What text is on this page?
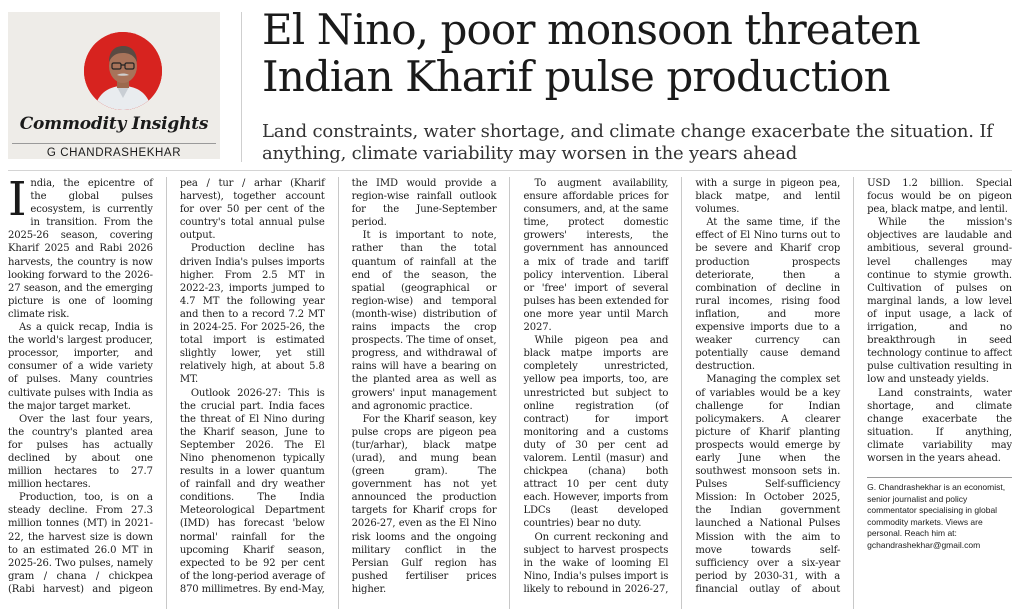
Commodity Insights
G CHANDRASHEKHAR
El Nino, poor monsoon threaten Indian Kharif pulse production

Land constraints, water shortage, and climate change exacerbate the situation. If anything, climate variability may worsen in the years ahead

India, the epicentre of the global pulses ecosystem, is currently in transition. From the 2025-26 season, covering Kharif 2025 and Rabi 2026 harvests, the country is now looking forward to the 2026-27 season, and the emerging picture is one of looming climate risk.

As a quick recap, India is the world's largest producer, processor, importer, and consumer of a wide variety of pulses. Many countries cultivate pulses with India as the major target market.

Over the last four years, the country's planted area for pulses has actually declined by about one million hectares to 27.7 million hectares.

Production, too, is on a steady decline. From 27.3 million tonnes (MT) in 2021-22, the harvest size is down to an estimated 26.0 MT in 2025-26. Two pulses, namely gram / chana / chickpea (Rabi harvest) and pigeon pea / tur / arhar (Kharif harvest), together account for over 50 per cent of the country's total annual pulse output.

Production decline has driven India's pulses imports higher. From 2.5 MT in 2022-23, imports jumped to 4.7 MT the following year and then to a record 7.2 MT in 2024-25. For 2025-26, the total import is estimated slightly lower, yet still relatively high, at about 5.8 MT.

Outlook 2026-27: This is the crucial part. India faces the threat of El Nino during the Kharif season, June to September 2026. The El Nino phenomenon typically results in a lower quantum of rainfall and dry weather conditions. The India Meteorological Department (IMD) has forecast 'below normal' rainfall for the upcoming Kharif season, expected to be 92 per cent of the long-period average of 870 millimetres. By end-May, the IMD would provide a region-wise rainfall outlook for the June-September period.

It is important to note, rather than the total quantum of rainfall at the end of the season, the spatial (geographical or region-wise) and temporal (month-wise) distribution of rains impacts the crop prospects. The time of onset, progress, and withdrawal of rains will have a bearing on the planted area as well as growers' input management and agronomic practice.

For the Kharif season, key pulse crops are pigeon pea (tur/arhar), black matpe (urad), and mung bean (green gram). The government has not yet announced the production targets for Kharif crops for 2026-27, even as the El Nino risk looms and the ongoing military conflict in the Persian Gulf region has pushed fertiliser prices higher.

To augment availability, ensure affordable prices for consumers, and, at the same time, protect domestic growers' interests, the government has announced a mix of trade and tariff policy intervention. Liberal or 'free' import of several pulses has been extended for one more year until March 2027.

While pigeon pea and black matpe imports are completely unrestricted, yellow pea imports, too, are unrestricted but subject to online registration (of contract) for import monitoring and a customs duty of 30 per cent ad valorem. Lentil (masur) and chickpea (chana) both attract 10 per cent duty each. However, imports from LDCs (least developed countries) bear no duty.

On current reckoning and subject to harvest prospects in the wake of looming El Nino, India's pulses import is likely to rebound in 2026-27, with a surge in pigeon pea, black matpe, and lentil volumes.

At the same time, if the effect of El Nino turns out to be severe and Kharif crop production prospects deteriorate, then a combination of decline in rural incomes, rising food inflation, and more expensive imports due to a weaker currency can potentially cause demand destruction.

Managing the complex set of variables would be a key challenge for Indian policymakers. A clearer picture of Kharif planting prospects would emerge by early June when the southwest monsoon sets in. Pulses Self-sufficiency Mission: In October 2025, the Indian government launched a National Pulses Mission with the aim to move towards self-sufficiency over a six-year period by 2030-31, with a financial outlay of about USD 1.2 billion. Special focus would be on pigeon pea, black matpe, and lentil.

While the mission's objectives are laudable and ambitious, several ground-level challenges may continue to stymie growth. Cultivation of pulses on marginal lands, a low level of input usage, a lack of irrigation, and no breakthrough in seed technology continue to affect pulse cultivation resulting in low and unsteady yields.

Land constraints, water shortage, and climate change exacerbate the situation. If anything, climate variability may worsen in the years ahead.

G. Chandrashekhar is an economist, senior journalist and policy commentator specialising in global commodity markets. Views are personal. Reach him at: gchandrashekhar@gmail.com
